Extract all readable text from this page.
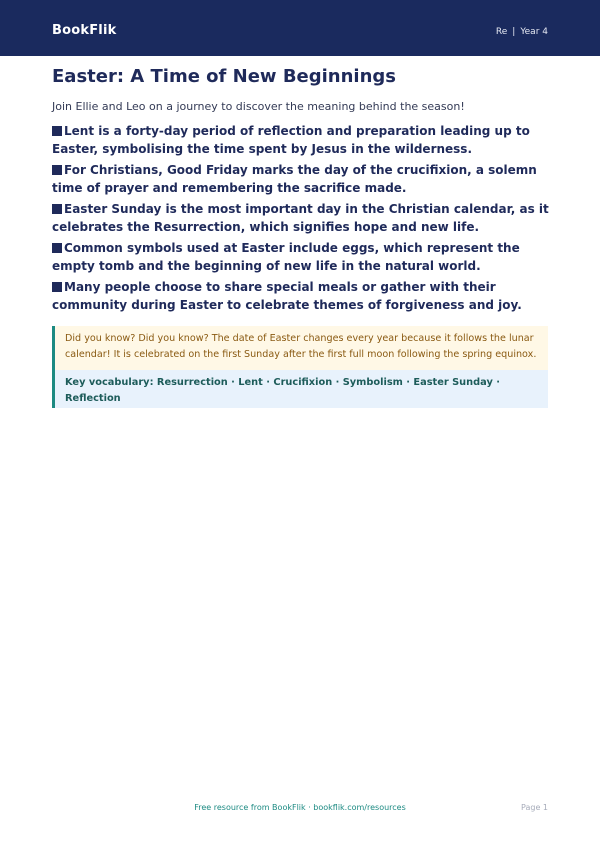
BookFlik	Re | Year 4
Easter: A Time of New Beginnings

Join Ellie and Leo on a journey to discover the meaning behind the season!

Lent is a forty-day period of reflection and preparation leading up to Easter, symbolising the time spent by Jesus in the wilderness.
For Christians, Good Friday marks the day of the crucifixion, a solemn time of prayer and remembering the sacrifice made.
Easter Sunday is the most important day in the Christian calendar, as it celebrates the Resurrection, which signifies hope and new life.
Common symbols used at Easter include eggs, which represent the empty tomb and the beginning of new life in the natural world.
Many people choose to share special meals or gather with their community during Easter to celebrate themes of forgiveness and joy.
Did you know? Did you know? The date of Easter changes every year because it follows the lunar calendar! It is celebrated on the first Sunday after the first full moon following the spring equinox.
Key vocabulary: Resurrection · Lent · Crucifixion · Symbolism · Easter Sunday · Reflection
Free resource from BookFlik · bookflik.com/resources	Page 1
